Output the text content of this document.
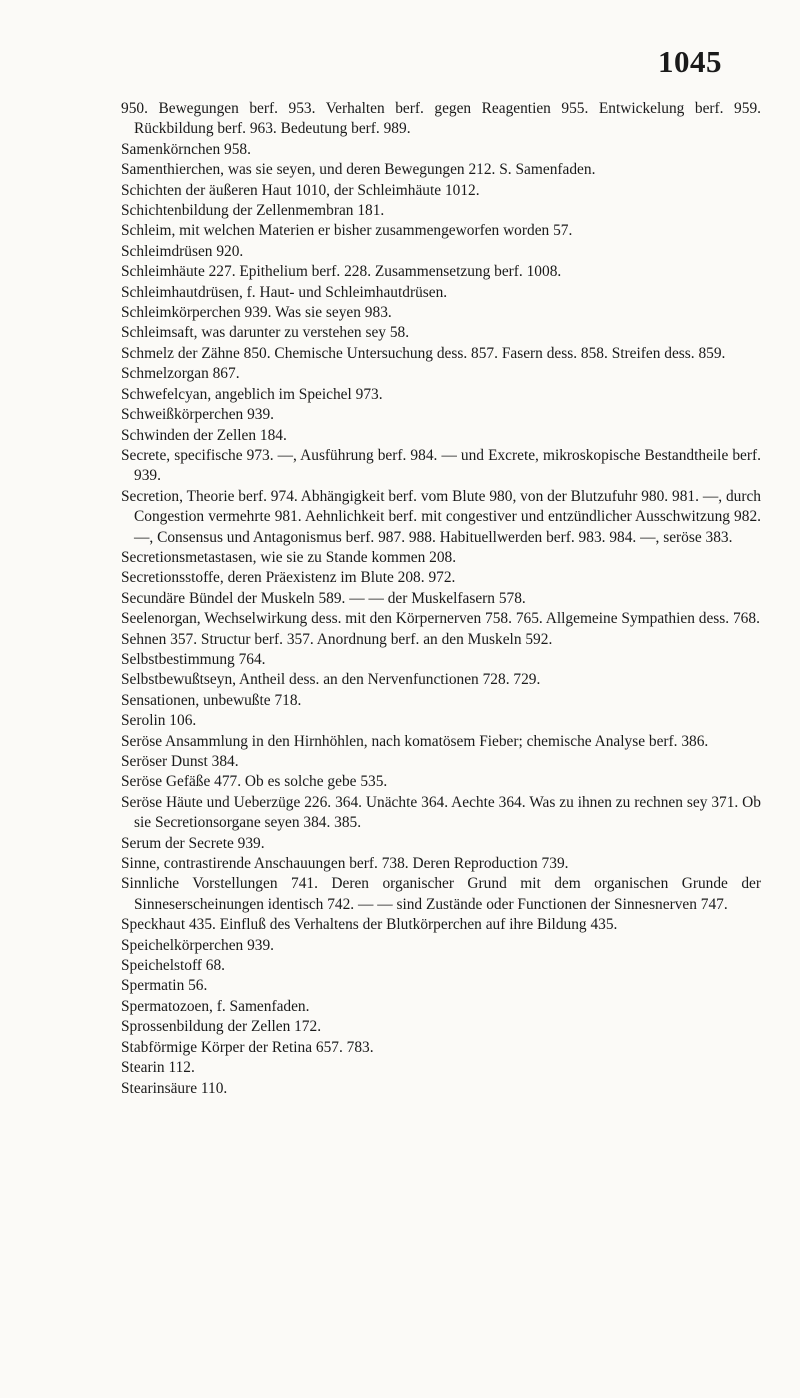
1045

950. Bewegungen berf. 953. Verhalten berf. gegen Reagentien 955. Entwickelung berf. 959. Rückbildung berf. 963. Bedeutung berf. 989.

Samenkörnchen 958.

Samenthierchen, was sie seyen, und deren Bewegungen 212. S. Samenfaden.

Schichten der äußeren Haut 1010, der Schleimhäute 1012.

Schichtenbildung der Zellenmembran 181.

Schleim, mit welchen Materien er bisher zusammengeworfen worden 57.

Schleimdrüsen 920.

Schleimhäute 227. Epithelium berf. 228. Zusammensetzung berf. 1008.

Schleimhautdrüsen, f. Haut- und Schleimhautdrüsen.

Schleimkörperchen 939. Was sie seyen 983.

Schleimsaft, was darunter zu verstehen sey 58.

Schmelz der Zähne 850. Chemische Untersuchung dess. 857. Fasern dess. 858. Streifen dess. 859.

Schmelzorgan 867.

Schwefelcyan, angeblich im Speichel 973.

Schweißkörperchen 939.

Schwinden der Zellen 184.

Secrete, specifische 973. —, Ausführung berf. 984. — und Excrete, mikroskopische Bestandtheile berf. 939.

Secretion, Theorie berf. 974. Abhängigkeit berf. vom Blute 980, von der Blutzufuhr 980. 981. —, durch Congestion vermehrte 981. Aehnlichkeit berf. mit congestiver und entzündlicher Ausschwitzung 982. —, Consensus und Antagonismus berf. 987. 988. Habituellwerden berf. 983. 984. —, seröse 383.

Secretionsmetastasen, wie sie zu Stande kommen 208.

Secretionsstoffe, deren Präexistenz im Blute 208. 972.

Secundäre Bündel der Muskeln 589. — — der Muskelfasern 578.

Seelenorgan, Wechselwirkung dess. mit den Körpernerven 758. 765. Allgemeine Sympathien dess. 768.

Sehnen 357. Structur berf. 357. Anordnung berf. an den Muskeln 592.

Selbstbestimmung 764.

Selbstbewußtseyn, Antheil dess. an den Nervenfunctionen 728. 729.

Sensationen, unbewußte 718.

Serolin 106.

Seröse Ansammlung in den Hirnhöhlen, nach komatösem Fieber; chemische Analyse berf. 386.

Seröser Dunst 384.

Seröse Gefäße 477. Ob es solche gebe 535.

Seröse Häute und Ueberzüge 226. 364. Unächte 364. Aechte 364. Was zu ihnen zu rechnen sey 371. Ob sie Secretionsorgane seyen 384. 385.

Serum der Secrete 939.

Sinne, contrastirende Anschauungen berf. 738. Deren Reproduction 739.

Sinnliche Vorstellungen 741. Deren organischer Grund mit dem organischen Grunde der Sinneserscheinungen identisch 742. — — sind Zustände oder Functionen der Sinnesnerven 747.

Speckhaut 435. Einfluß des Verhaltens der Blutkörperchen auf ihre Bildung 435.

Speichelkörperchen 939.

Speichelstoff 68.

Spermatin 56.

Spermatozoen, f. Samenfaden.

Sprossenbildung der Zellen 172.

Stabförmige Körper der Retina 657. 783.

Stearin 112.

Stearinsäure 110.
